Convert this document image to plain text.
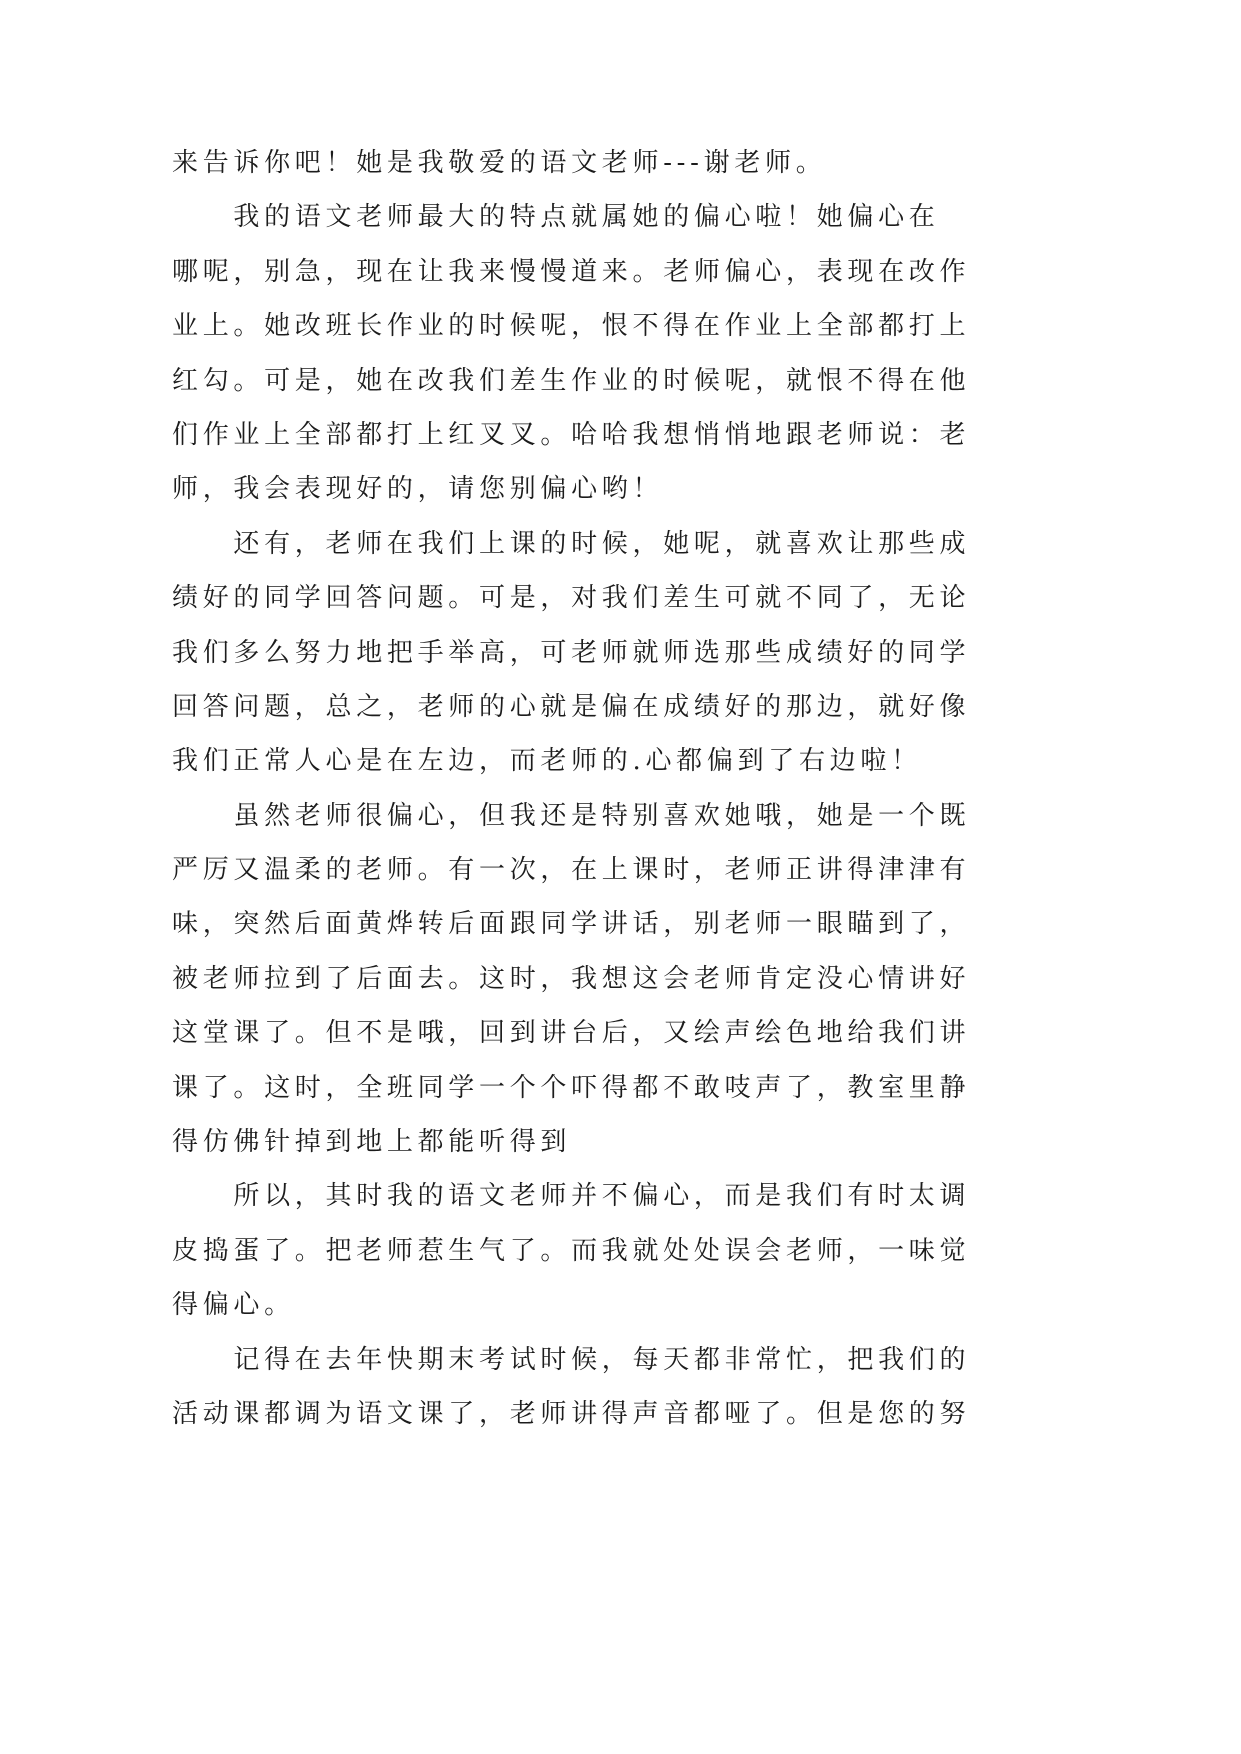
来告诉你吧！她是我敬爱的语文老师---谢老师。
我的语文老师最大的特点就属她的偏心啦！她偏心在
哪呢，别急，现在让我来慢慢道来。老师偏心，表现在改作
业上。她改班长作业的时候呢，恨不得在作业上全部都打上
红勾。可是，她在改我们差生作业的时候呢，就恨不得在他
们作业上全部都打上红叉叉。哈哈我想悄悄地跟老师说：老
师，我会表现好的，请您别偏心哟！
还有，老师在我们上课的时候，她呢，就喜欢让那些成
绩好的同学回答问题。可是，对我们差生可就不同了，无论
我们多么努力地把手举高，可老师就师选那些成绩好的同学
回答问题，总之，老师的心就是偏在成绩好的那边，就好像
我们正常人心是在左边，而老师的.心都偏到了右边啦！
虽然老师很偏心，但我还是特别喜欢她哦，她是一个既
严厉又温柔的老师。有一次，在上课时，老师正讲得津津有
味，突然后面黄烨转后面跟同学讲话，别老师一眼瞄到了，
被老师拉到了后面去。这时，我想这会老师肯定没心情讲好
这堂课了。但不是哦，回到讲台后，又绘声绘色地给我们讲
课了。这时，全班同学一个个吓得都不敢吱声了，教室里静
得仿佛针掉到地上都能听得到
所以，其时我的语文老师并不偏心，而是我们有时太调
皮捣蛋了。把老师惹生气了。而我就处处误会老师，一味觉
得偏心。
记得在去年快期末考试时候，每天都非常忙，把我们的
活动课都调为语文课了，老师讲得声音都哑了。但是您的努
